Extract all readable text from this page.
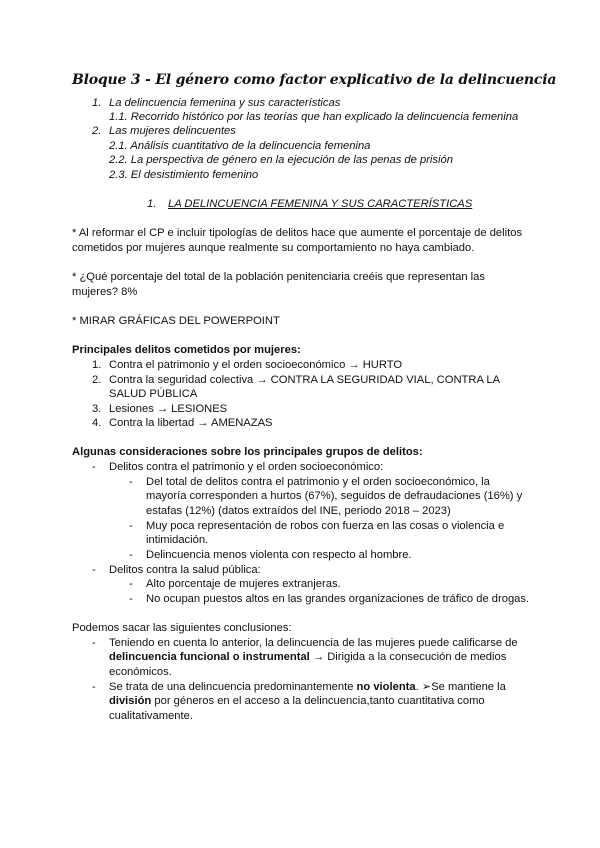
Bloque 3 - El género como factor explicativo de la delincuencia
1. La delincuencia femenina y sus características
1.1. Recorrido histórico por las teorías que han explicado la delincuencia femenina
2. Las mujeres delincuentes
2.1. Análisis cuantitativo de la delincuencia femenina
2.2. La perspectiva de género en la ejecución de las penas de prisión
2.3. El desistimiento femenino
1. LA DELINCUENCIA FEMENINA Y SUS CARACTERÍSTICAS
* Al reformar el CP e incluir tipologías de delitos hace que aumente el porcentaje de delitos
cometidos por mujeres aunque realmente su comportamiento no haya cambiado.
* ¿Qué porcentaje del total de la población penitenciaria creéis que representan las
mujeres? 8%
* MIRAR GRÁFICAS DEL POWERPOINT
Principales delitos cometidos por mujeres:
1. Contra el patrimonio y el orden socioeconómico → HURTO
2. Contra la seguridad colectiva → CONTRA LA SEGURIDAD VIAL, CONTRA LA
SALUD PÚBLICA
3. Lesiones → LESIONES
4. Contra la libertad → AMENAZAS
Algunas consideraciones sobre los principales grupos de delitos:
- Delitos contra el patrimonio y el orden socioeconómico:
- Del total de delitos contra el patrimonio y el orden socioeconómico, la
mayoría corresponden a hurtos (67%), seguidos de defraudaciones (16%) y
estafas (12%) (datos extraídos del INE, periodo 2018 – 2023)
- Muy poca representación de robos con fuerza en las cosas o violencia e
intimidación.
- Delincuencia menos violenta con respecto al hombre.
- Delitos contra la salud pública:
- Alto porcentaje de mujeres extranjeras.
- No ocupan puestos altos en las grandes organizaciones de tráfico de drogas.
Podemos sacar las siguientes conclusiones:
- Teniendo en cuenta lo anterior, la delincuencia de las mujeres puede calificarse de
delincuencia funcional o instrumental → Dirigida a la consecución de medios
económicos.
- Se trata de una delincuencia predominantemente no violenta. ➢Se mantiene la
división por géneros en el acceso a la delincuencia,tanto cuantitativa como
cualitativamente.
